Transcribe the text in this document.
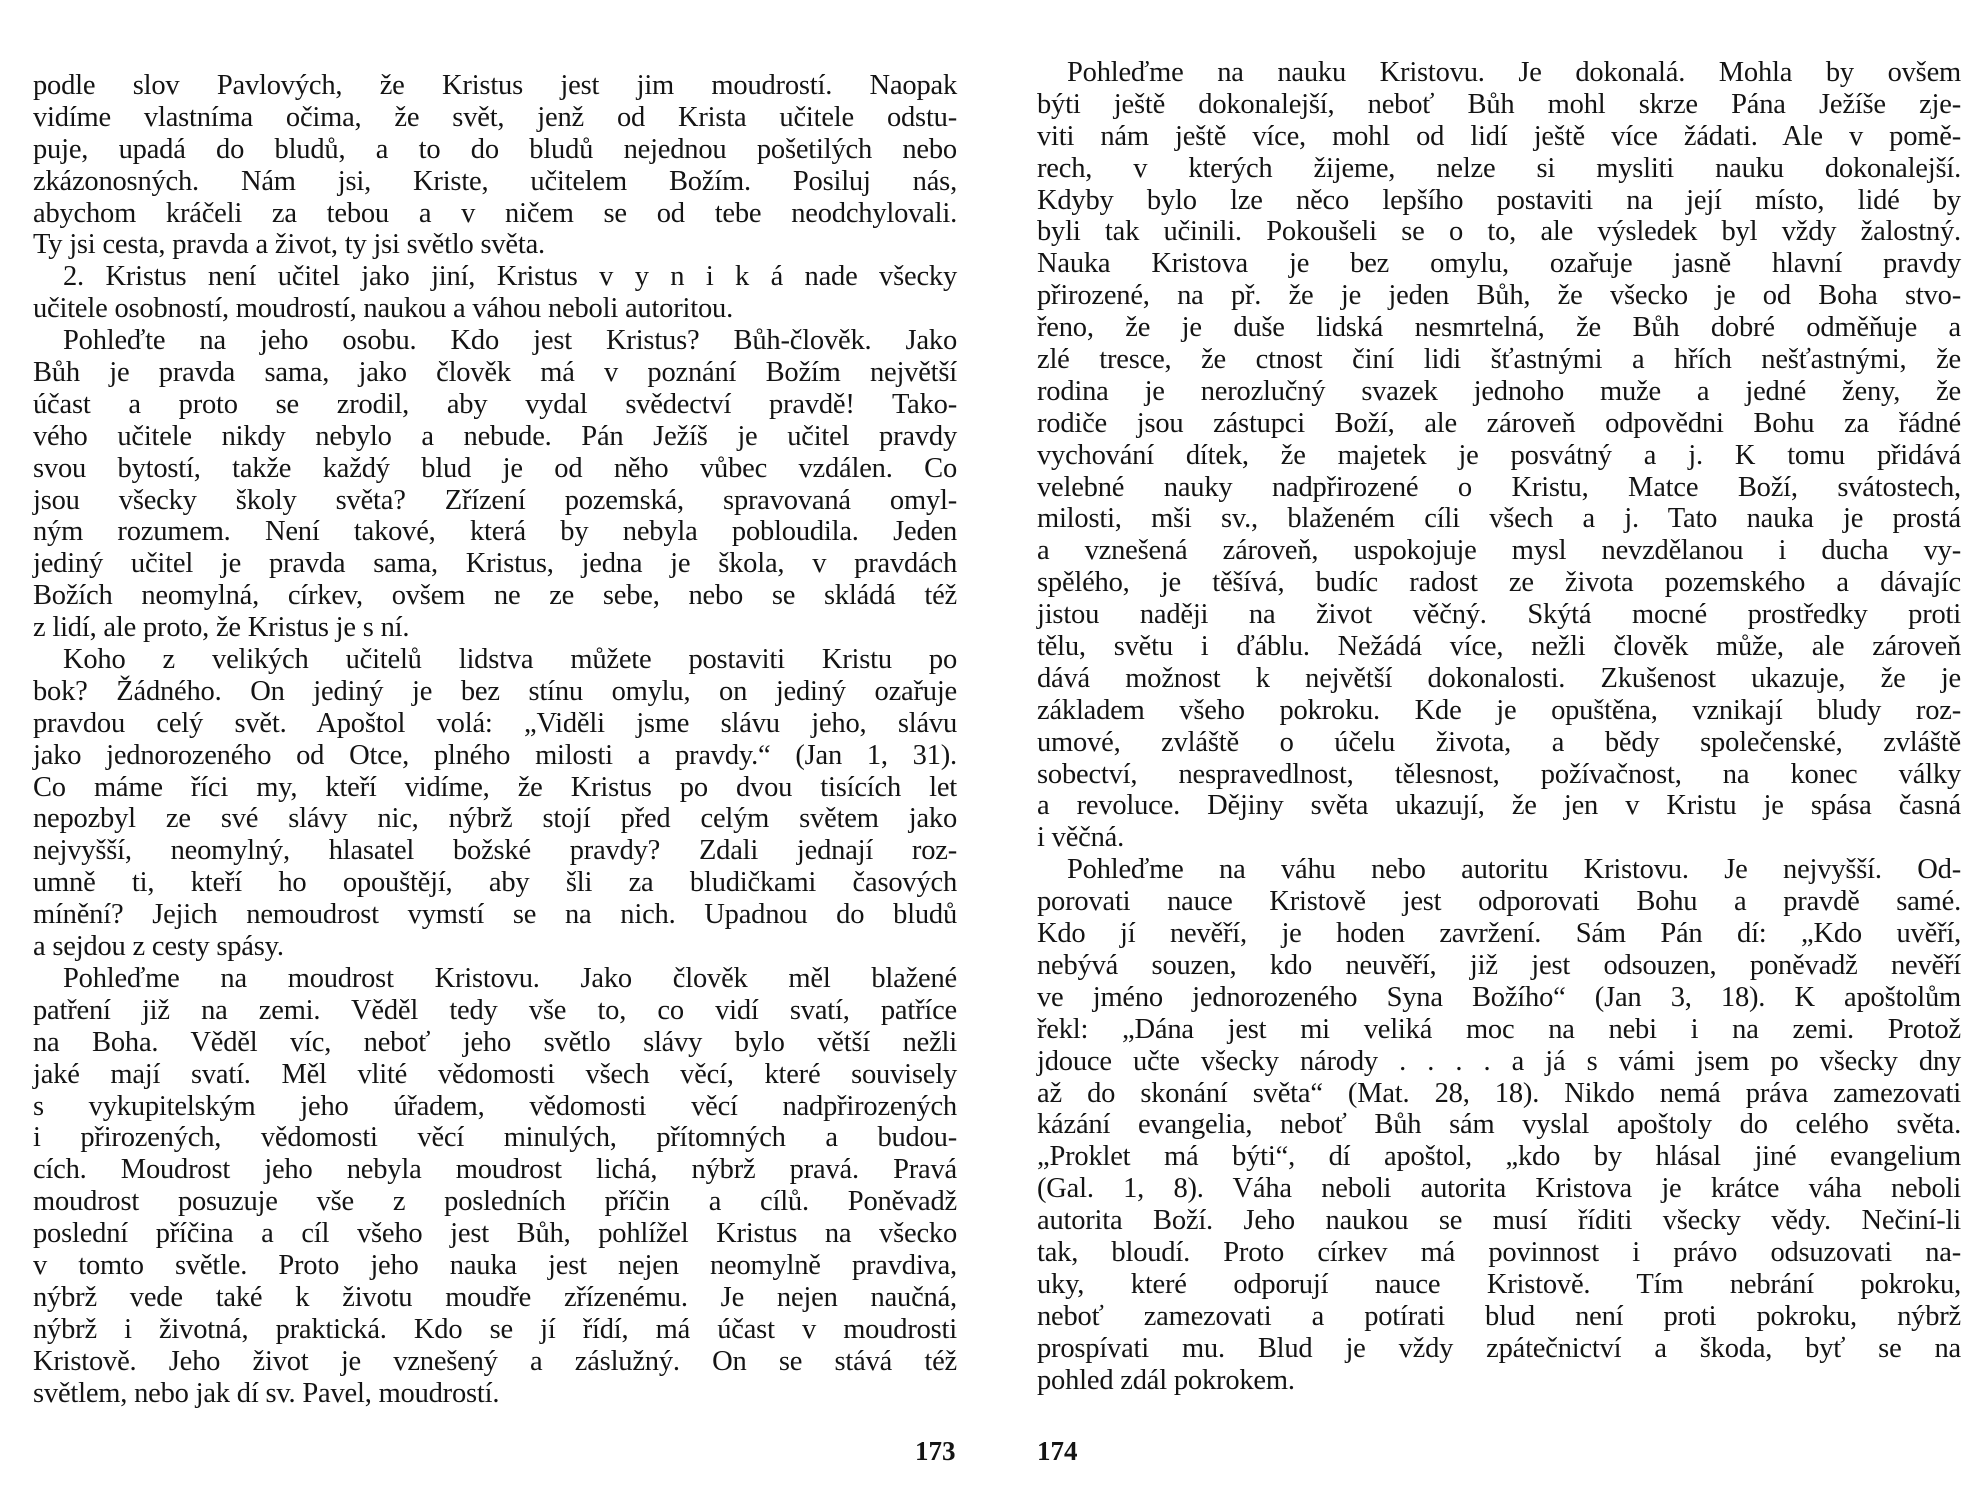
podle slov Pavlových, že Kristus jest jim moudrostí. Naopak
vidíme vlastníma očima, že svět, jenž od Krista učitele odstu-
puje, upadá do bludů, a to do bludů nejednou pošetilých nebo
zkázonosných. Nám jsi, Kriste, učitelem Božím. Posiluj nás,
abychom kráčeli za tebou a v ničem se od tebe neodchylovali.
Ty jsi cesta, pravda a život, ty jsi světlo světa.
2. Kristus není učitel jako jiní, Kristus v y n i k á nade všecky
učitele osobností, moudrostí, naukou a váhou neboli autoritou.
Pohleďte na jeho osobu. Kdo jest Kristus? Bůh-člověk. Jako
Bůh je pravda sama, jako člověk má v poznání Božím největší
účast a proto se zrodil, aby vydal svědectví pravdě! Tako-
vého učitele nikdy nebylo a nebude. Pán Ježíš je učitel pravdy
svou bytostí, takže každý blud je od něho vůbec vzdálen. Co
jsou všecky školy světa? Zřízení pozemská, spravovaná omyl-
ným rozumem. Není takové, která by nebyla pobloudila. Jeden
jediný učitel je pravda sama, Kristus, jedna je škola, v pravdách
Božích neomylná, církev, ovšem ne ze sebe, nebo se skládá též
z lidí, ale proto, že Kristus je s ní.
Koho z velikých učitelů lidstva můžete postaviti Kristu po
bok? Žádného. On jediný je bez stínu omylu, on jediný ozařuje
pravdou celý svět. Apoštol volá: „Viděli jsme slávu jeho, slávu
jako jednorozeného od Otce, plného milosti a pravdy.“ (Jan 1, 31).
Co máme říci my, kteří vidíme, že Kristus po dvou tisících let
nepozbyl ze své slávy nic, nýbrž stojí před celým světem jako
nejvyšší, neomylný, hlasatel božské pravdy? Zdali jednají roz-
umně ti, kteří ho opouštějí, aby šli za bludičkami časových
mínění? Jejich nemoudrost vymstí se na nich. Upadnou do bludů
a sejdou z cesty spásy.
Pohleďme na moudrost Kristovu. Jako člověk měl blažené
patření již na zemi. Věděl tedy vše to, co vidí svatí, patříce
na Boha. Věděl víc, neboť jeho světlo slávy bylo větší nežli
jaké mají svatí. Měl vlité vědomosti všech věcí, které souvisely
s vykupitelským jeho úřadem, vědomosti věcí nadpřirozených
i přirozených, vědomosti věcí minulých, přítomných a budou-
cích. Moudrost jeho nebyla moudrost lichá, nýbrž pravá. Pravá
moudrost posuzuje vše z posledních příčin a cílů. Poněvadž
poslední příčina a cíl všeho jest Bůh, pohlížel Kristus na všecko
v tomto světle. Proto jeho nauka jest nejen neomylně pravdiva,
nýbrž vede také k životu moudře zřízenému. Je nejen naučná,
nýbrž i životná, praktická. Kdo se jí řídí, má účast v moudrosti
Kristově. Jeho život je vznešený a záslužný. On se stává též
světlem, nebo jak dí sv. Pavel, moudrostí.
Pohleďme na nauku Kristovu. Je dokonalá. Mohla by ovšem
býti ještě dokonalejší, neboť Bůh mohl skrze Pána Ježíše zje-
viti nám ještě více, mohl od lidí ještě více žádati. Ale v pomě-
rech, v kterých žijeme, nelze si mysliti nauku dokonalejší.
Kdyby bylo lze něco lepšího postaviti na její místo, lidé by
byli tak učinili. Pokoušeli se o to, ale výsledek byl vždy žalostný.
Nauka Kristova je bez omylu, ozařuje jasně hlavní pravdy
přirozené, na př. že je jeden Bůh, že všecko je od Boha stvo-
řeno, že je duše lidská nesmrtelná, že Bůh dobré odměňuje a
zlé tresce, že ctnost činí lidi šťastnými a hřích nešťastnými, že
rodina je nerozlučný svazek jednoho muže a jedné ženy, že
rodiče jsou zástupci Boží, ale zároveň odpovědni Bohu za řádné
vychování dítek, že majetek je posvátný a j. K tomu přidává
velebné nauky nadpřirozené o Kristu, Matce Boží, svátostech,
milosti, mši sv., blaženém cíli všech a j. Tato nauka je prostá
a vznešená zároveň, uspokojuje mysl nevzdělanou i ducha vy-
spělého, je těšívá, budíc radost ze života pozemského a dávajíc
jistou naději na život věčný. Skýtá mocné prostředky proti
tělu, světu i ďáblu. Nežádá více, nežli člověk může, ale zároveň
dává možnost k největší dokonalosti. Zkušenost ukazuje, že je
základem všeho pokroku. Kde je opuštěna, vznikají bludy roz-
umové, zvláště o účelu života, a bědy společenské, zvláště
sobectví, nespravedlnost, tělesnost, požívačnost, na konec války
a revoluce. Dějiny světa ukazují, že jen v Kristu je spása časná
i věčná.
Pohleďme na váhu nebo autoritu Kristovu. Je nejvyšší. Od-
porovati nauce Kristově jest odporovati Bohu a pravdě samé.
Kdo jí nevěří, je hoden zavržení. Sám Pán dí: „Kdo uvěří,
nebývá souzen, kdo neuvěří, již jest odsouzen, poněvadž nevěří
ve jméno jednorozeného Syna Božího“ (Jan 3, 18). K apoštolům
řekl: „Dána jest mi veliká moc na nebi i na zemi. Protož
jdouce učte všecky národy . . . . a já s vámi jsem po všecky dny
až do skonání světa“ (Mat. 28, 18). Nikdo nemá práva zamezovati
kázání evangelia, neboť Bůh sám vyslal apoštoly do celého světa.
„Proklet má býti“, dí apoštol, „kdo by hlásal jiné evangelium
(Gal. 1, 8). Váha neboli autorita Kristova je krátce váha neboli
autorita Boží. Jeho naukou se musí říditi všecky vědy. Nečiní-li
tak, bloudí. Proto církev má povinnost i právo odsuzovati na-
uky, které odporují nauce Kristově. Tím nebrání pokroku,
neboť zamezovati a potírati blud není proti pokroku, nýbrž
prospívati mu. Blud je vždy zpátečnictví a škoda, byť se na
pohled zdál pokrokem.
173	174
